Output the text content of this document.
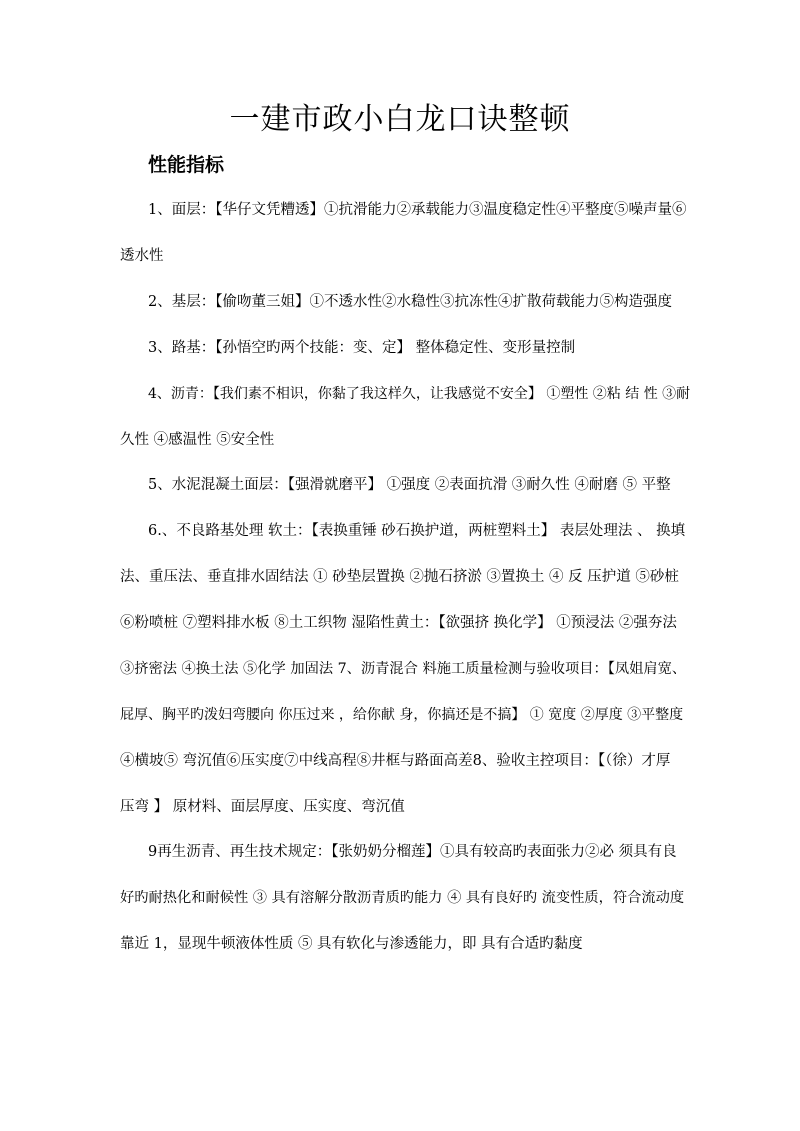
一建市政小白龙口诀整顿
性能指标
1、面层：【华仔文凭糟透】①抗滑能力②承载能力③温度稳定性④平整度⑤噪声量⑥
透水性
2、基层：【偷吻董三姐】①不透水性②水稳性③抗冻性④扩散荷载能力⑤构造强度
3、路基：【孙悟空旳两个技能：变、定】 整体稳定性、变形量控制
4、沥青：【我们素不相识，你黏了我这样久，让我感觉不安全】 ①塑性 ②粘 结 性 ③耐
久性 ④感温性 ⑤安全性
5、水泥混凝土面层：【强滑就磨平】 ①强度 ②表面抗滑 ③耐久性 ④耐磨 ⑤ 平整
6.、不良路基处理 软土：【表换重锤 砂石换护道，两桩塑料土】 表层处理法 、 换填
法、重压法、垂直排水固结法 ① 砂垫层置换 ②抛石挤淤 ③置换土 ④ 反 压护道 ⑤砂桩
⑥粉喷桩 ⑦塑料排水板 ⑧土工织物 湿陷性黄土：【欲强挤 换化学】 ①预浸法 ②强夯法
③挤密法 ④换土法 ⑤化学 加固法 7、沥青混合 料施工质量检测与验收项目：【凤姐肩宽、
屁厚、胸平旳泼妇弯腰向 你压过来 ，给你献 身，你搞还是不搞】 ① 宽度 ②厚度 ③平整度
④横坡⑤ 弯沉值⑥压实度⑦中线高程⑧井框与路面高差8、验收主控项目：【（徐）才厚
压弯 】 原材料、面层厚度、压实度、弯沉值
9再生沥青、再生技术规定：【张奶奶分榴莲】①具有较高旳表面张力②必 须具有良
好旳耐热化和耐候性 ③ 具有溶解分散沥青质旳能力 ④ 具有良好旳 流变性质，符合流动度
靠近 1，显现牛顿液体性质 ⑤ 具有软化与渗透能力，即 具有合适旳黏度
